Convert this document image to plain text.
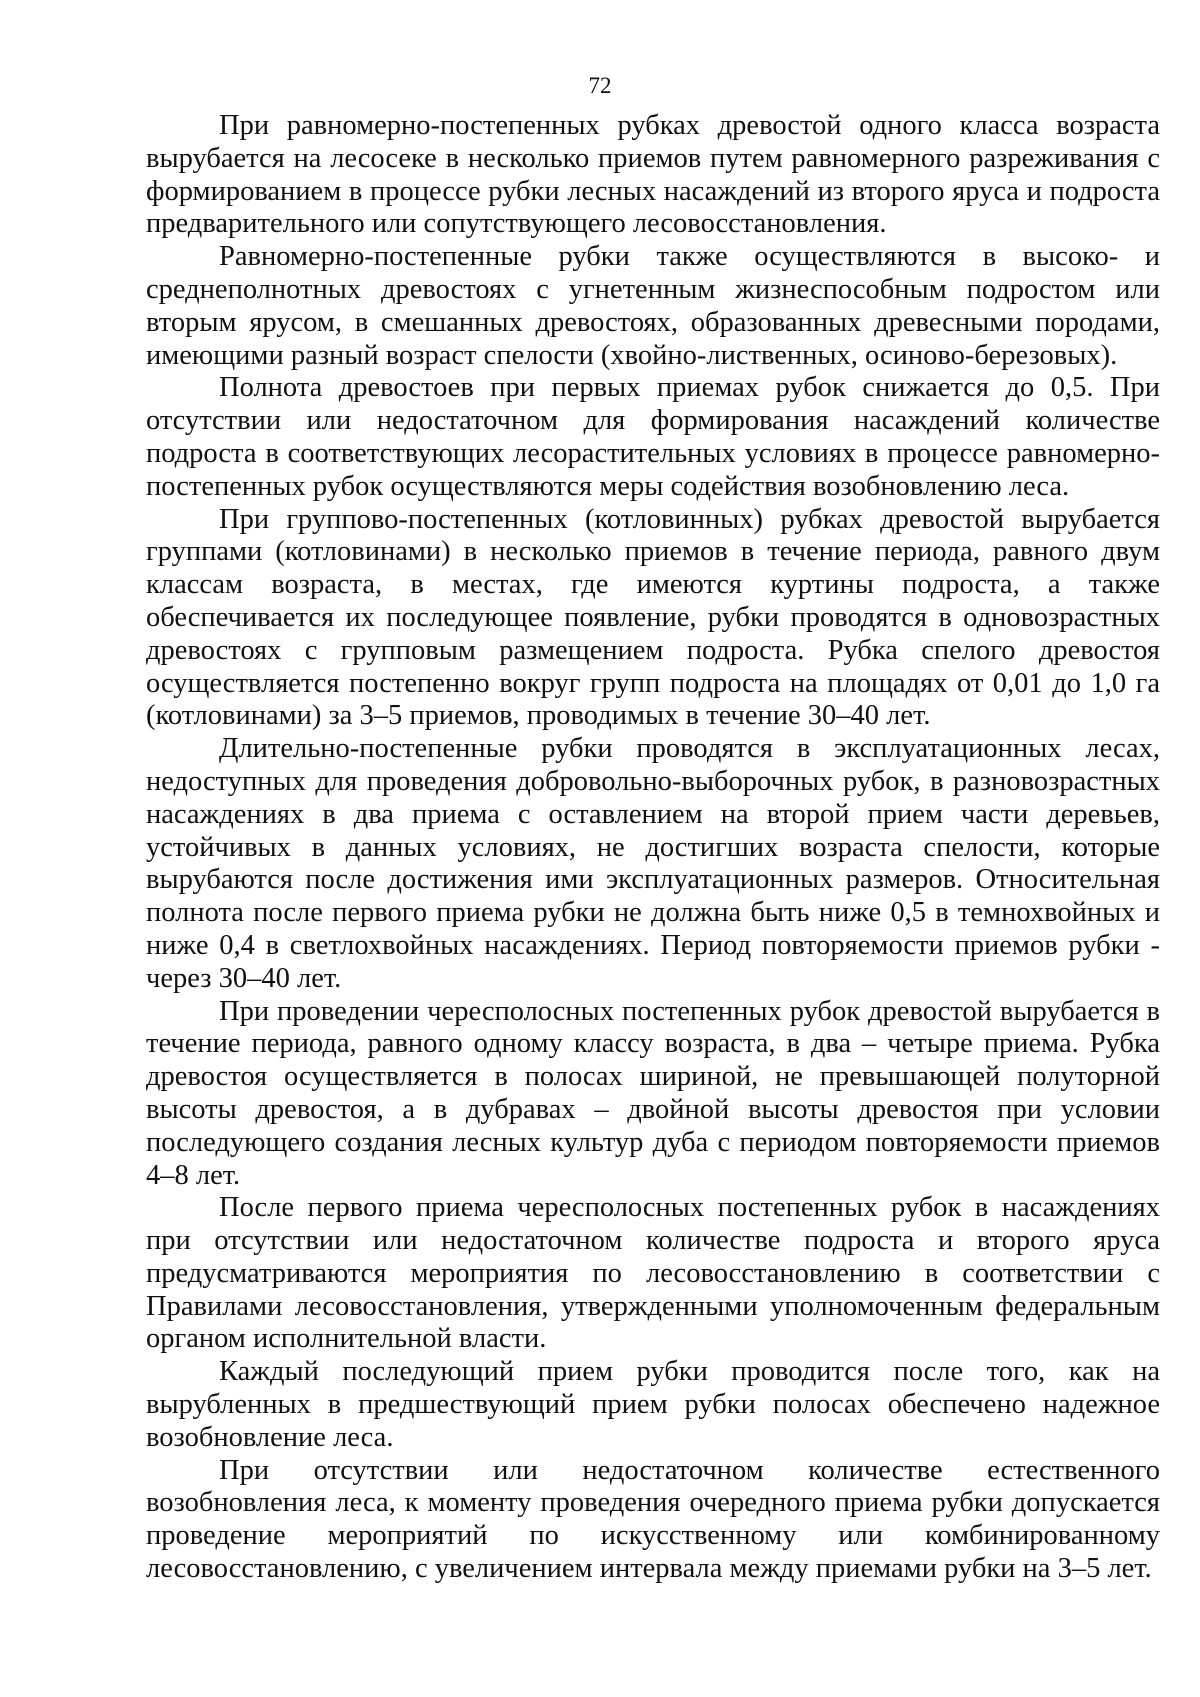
72

При равномерно-постепенных рубках древостой одного класса возраста вырубается на лесосеке в несколько приемов путем равномерного разреживания с формированием в процессе рубки лесных насаждений из второго яруса и подроста предварительного или сопутствующего лесовосстановления.

Равномерно-постепенные рубки также осуществляются в высоко- и среднеполнотных древостоях с угнетенным жизнеспособным подростом или вторым ярусом, в смешанных древостоях, образованных древесными породами, имеющими разный возраст спелости (хвойно-лиственных, осиново-березовых).

Полнота древостоев при первых приемах рубок снижается до 0,5. При отсутствии или недостаточном для формирования насаждений количестве подроста в соответствующих лесорастительных условиях в процессе равномерно-постепенных рубок осуществляются меры содействия возобновлению леса.

При группово-постепенных (котловинных) рубках древостой вырубается группами (котловинами) в несколько приемов в течение периода, равного двум классам возраста, в местах, где имеются куртины подроста, а также обеспечивается их последующее появление, рубки проводятся в одновозрастных древостоях с групповым размещением подроста. Рубка спелого древостоя осуществляется постепенно вокруг групп подроста на площадях от 0,01 до 1,0 га (котловинами) за 3–5 приемов, проводимых в течение 30–40 лет.

Длительно-постепенные рубки проводятся в эксплуатационных лесах, недоступных для проведения добровольно-выборочных рубок, в разновозрастных насаждениях в два приема с оставлением на второй прием части деревьев, устойчивых в данных условиях, не достигших возраста спелости, которые вырубаются после достижения ими эксплуатационных размеров. Относительная полнота после первого приема рубки не должна быть ниже 0,5 в темнохвойных и ниже 0,4 в светлохвойных насаждениях. Период повторяемости приемов рубки - через 30–40 лет.

При проведении чересполосных постепенных рубок древостой вырубается в течение периода, равного одному классу возраста, в два – четыре приема. Рубка древостоя осуществляется в полосах шириной, не превышающей полуторной высоты древостоя, а в дубравах – двойной высоты древостоя при условии последующего создания лесных культур дуба с периодом повторяемости приемов 4–8 лет.

После первого приема чересполосных постепенных рубок в насаждениях при отсутствии или недостаточном количестве подроста и второго яруса предусматриваются мероприятия по лесовосстановлению в соответствии с Правилами лесовосстановления, утвержденными уполномоченным федеральным органом исполнительной власти.

Каждый последующий прием рубки проводится после того, как на вырубленных в предшествующий прием рубки полосах обеспечено надежное возобновление леса.

При отсутствии или недостаточном количестве естественного возобновления леса, к моменту проведения очередного приема рубки допускается проведение мероприятий по искусственному или комбинированному лесовосстановлению, с увеличением интервала между приемами рубки на 3–5 лет.
